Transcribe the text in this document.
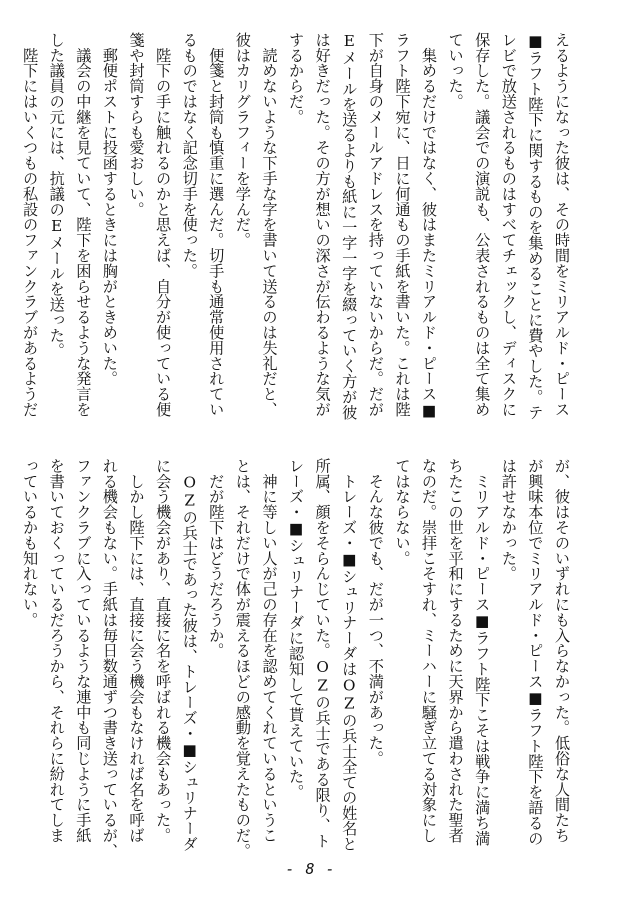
えるようになった彼は、その時間をミリアルド・ピース

■ラフト陛下に関するものを集めることに費やした。テ

レビで放送されるものはすべてチェックし、ディスクに

保存した。議会での演説も、公表されるものは全て集め

ていった。

　集めるだけではなく、彼はまたミリアルド・ピース■

ラフト陛下宛に、日に何通もの手紙を書いた。これは陛

下が自身のメールアドレスを持っていないからだ。だが

Eメールを送るよりも紙に一字一字を綴っていく方が彼

は好きだった。その方が想いの深さが伝わるような気が

するからだ。

　読めないような下手な字を書いて送るのは失礼だと、

彼はカリグラフィーを学んだ。

　便箋と封筒も慎重に選んだ。切手も通常使用されてい

るものではなく記念切手を使った。

　陛下の手に触れるのかと思えば、自分が使っている便

箋や封筒すらも愛おしい。

　郵便ポストに投函するときには胸がときめいた。

　議会の中継を見ていて、陛下を困らせるような発言を

した議員の元には、抗議のEメールを送った。

　陛下にはいくつもの私設のファンクラブがあるようだ

が、彼はそのいずれにも入らなかった。低俗な人間たち

が興味本位でミリアルド・ピース■ラフト陛下を語るの

は許せなかった。

　ミリアルド・ピース■ラフト陛下こそは戦争に満ち満

ちたこの世を平和にするために天界から遣わされた聖者

なのだ。崇拝こそすれ、ミーハーに騒ぎ立てる対象にし

てはならない。

　そんな彼でも、だが一つ、不満があった。

　トレーズ・■シュリナーダはOZの兵士全ての姓名と

所属、顔をそらんじていた。OZの兵士である限り、ト

レーズ・■シュリナーダに認知して貰えていた。

　神に等しい人が己の存在を認めてくれているというこ

とは、それだけで体が震えるほどの感動を覚えたものだ。

　だが陛下はどうだろうか。

　OZの兵士であった彼は、トレーズ・■シュリナーダ

に会う機会があり、直接に名を呼ばれる機会もあった。

　しかし陛下には、直接に会う機会もなければ名を呼ば

れる機会もない。手紙は毎日数通ずつ書き送っているが、

ファンクラブに入っているような連中も同じように手紙

を書いておくっているだろうから、それらに紛れてしま

っているかも知れない。

- 8 -
